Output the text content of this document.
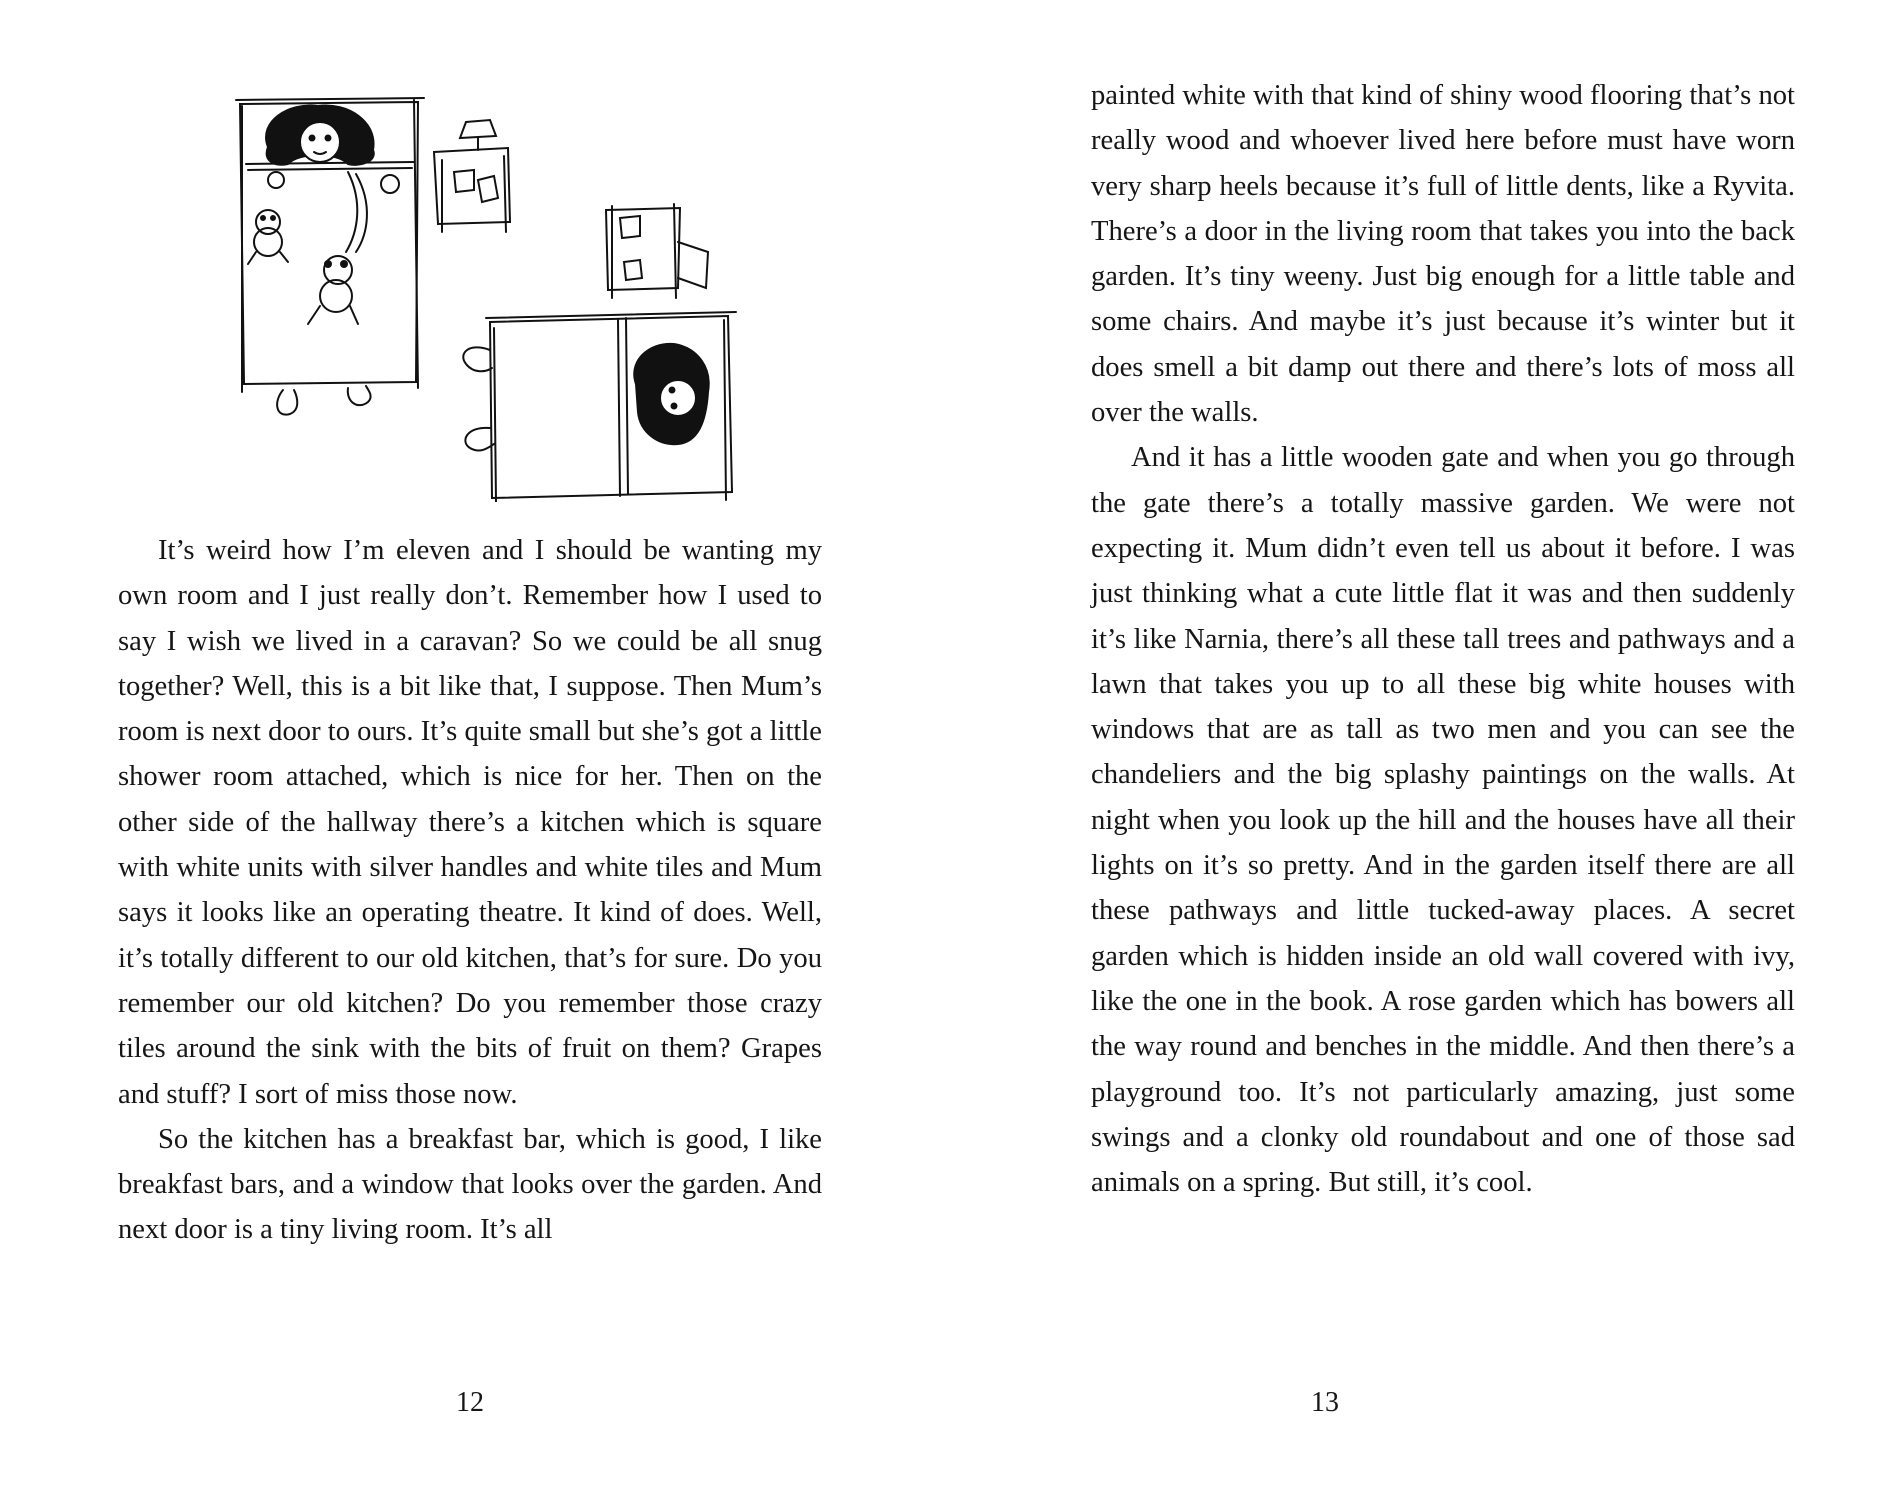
It’s weird how I’m eleven and I should be wanting my own room and I just really don’t. Remember how I used to say I wish we lived in a caravan? So we could be all snug together? Well, this is a bit like that, I suppose. Then Mum’s room is next door to ours. It’s quite small but she’s got a little shower room attached, which is nice for her. Then on the other side of the hallway there’s a kitchen which is square with white units with silver handles and white tiles and Mum says it looks like an operating theatre. It kind of does. Well, it’s totally different to our old kitchen, that’s for sure. Do you remember our old kitchen? Do you remember those crazy tiles around the sink with the bits of fruit on them? Grapes and stuff? I sort of miss those now.

So the kitchen has a breakfast bar, which is good, I like breakfast bars, and a window that looks over the garden. And next door is a tiny living room. It’s all

12

painted white with that kind of shiny wood flooring that’s not really wood and whoever lived here before must have worn very sharp heels because it’s full of little dents, like a Ryvita. There’s a door in the living room that takes you into the back garden. It’s tiny weeny. Just big enough for a little table and some chairs. And maybe it’s just because it’s winter but it does smell a bit damp out there and there’s lots of moss all over the walls.

And it has a little wooden gate and when you go through the gate there’s a totally massive garden. We were not expecting it. Mum didn’t even tell us about it before. I was just thinking what a cute little flat it was and then suddenly it’s like Narnia, there’s all these tall trees and pathways and a lawn that takes you up to all these big white houses with windows that are as tall as two men and you can see the chandeliers and the big splashy paintings on the walls. At night when you look up the hill and the houses have all their lights on it’s so pretty. And in the garden itself there are all these pathways and little tucked-away places. A secret garden which is hidden inside an old wall covered with ivy, like the one in the book. A rose garden which has bowers all the way round and benches in the middle. And then there’s a playground too. It’s not particularly amazing, just some swings and a clonky old roundabout and one of those sad animals on a spring. But still, it’s cool.

13
